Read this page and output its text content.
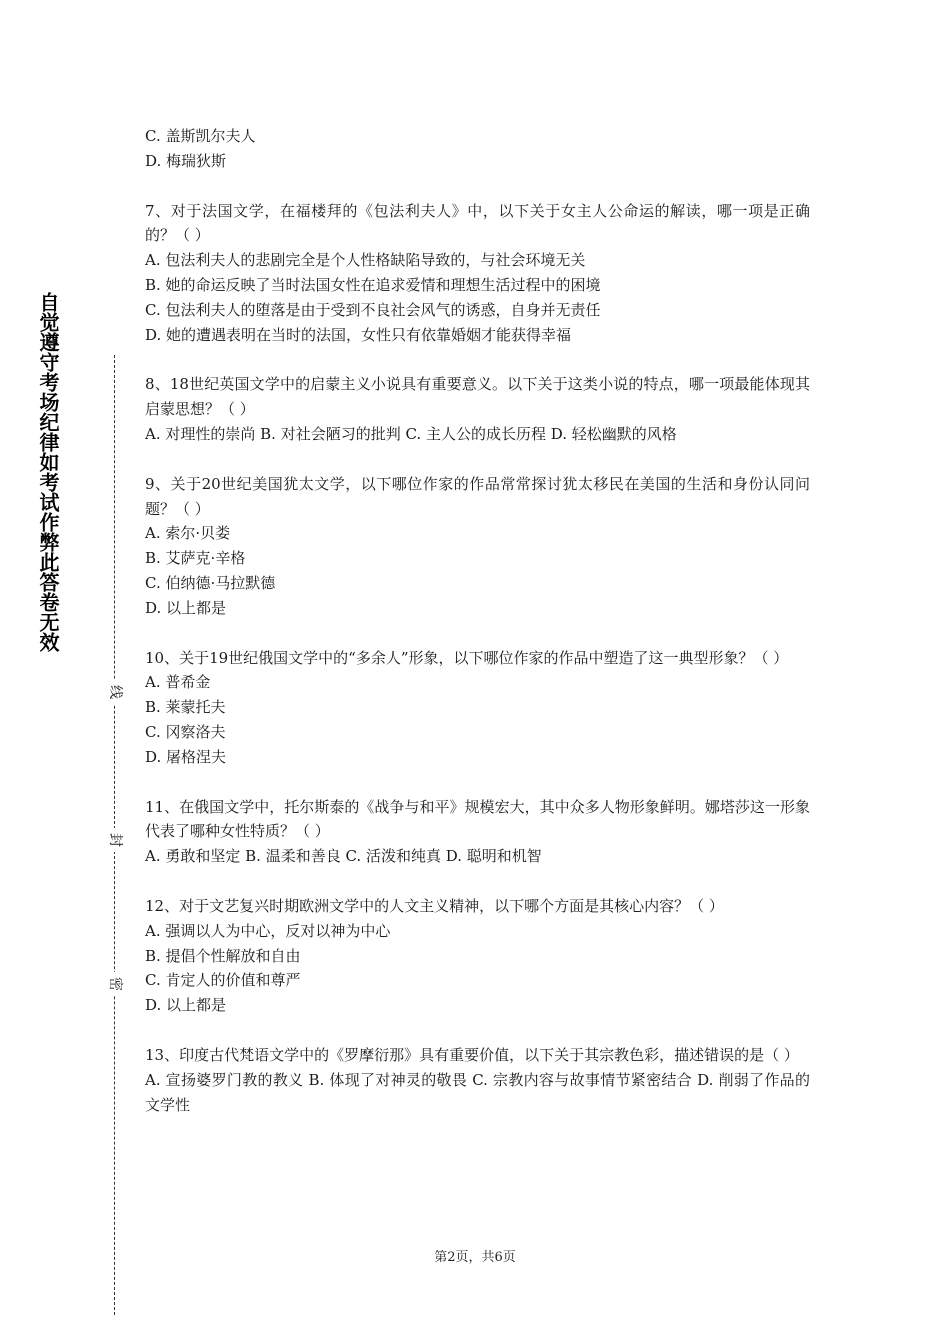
自觉遵守考场纪律如考试作弊此答卷无效
线
封
密
C. 盖斯凯尔夫人
D. 梅瑞狄斯
7、对于法国文学，在福楼拜的《包法利夫人》中，以下关于女主人公命运的解读，哪一项是正确的？（ ）
A. 包法利夫人的悲剧完全是个人性格缺陷导致的，与社会环境无关
B. 她的命运反映了当时法国女性在追求爱情和理想生活过程中的困境
C. 包法利夫人的堕落是由于受到不良社会风气的诱惑，自身并无责任
D. 她的遭遇表明在当时的法国，女性只有依靠婚姻才能获得幸福
8、18世纪英国文学中的启蒙主义小说具有重要意义。以下关于这类小说的特点，哪一项最能体现其启蒙思想？（ ）
A. 对理性的崇尚 B. 对社会陋习的批判 C. 主人公的成长历程 D. 轻松幽默的风格
9、关于20世纪美国犹太文学，以下哪位作家的作品常常探讨犹太移民在美国的生活和身份认同问题？（ ）
A. 索尔·贝娄
B. 艾萨克·辛格
C. 伯纳德·马拉默德
D. 以上都是
10、关于19世纪俄国文学中的“多余人”形象，以下哪位作家的作品中塑造了这一典型形象？（ ）
A. 普希金
B. 莱蒙托夫
C. 冈察洛夫
D. 屠格涅夫
11、在俄国文学中，托尔斯泰的《战争与和平》规模宏大，其中众多人物形象鲜明。娜塔莎这一形象代表了哪种女性特质？（ ）
A. 勇敢和坚定 B. 温柔和善良 C. 活泼和纯真 D. 聪明和机智
12、对于文艺复兴时期欧洲文学中的人文主义精神，以下哪个方面是其核心内容？（ ）
A. 强调以人为中心，反对以神为中心
B. 提倡个性解放和自由
C. 肯定人的价值和尊严
D. 以上都是
13、印度古代梵语文学中的《罗摩衍那》具有重要价值，以下关于其宗教色彩，描述错误的是（ ）
A. 宣扬婆罗门教的教义 B. 体现了对神灵的敬畏 C. 宗教内容与故事情节紧密结合 D. 削弱了作品的文学性
第2页，共6页
